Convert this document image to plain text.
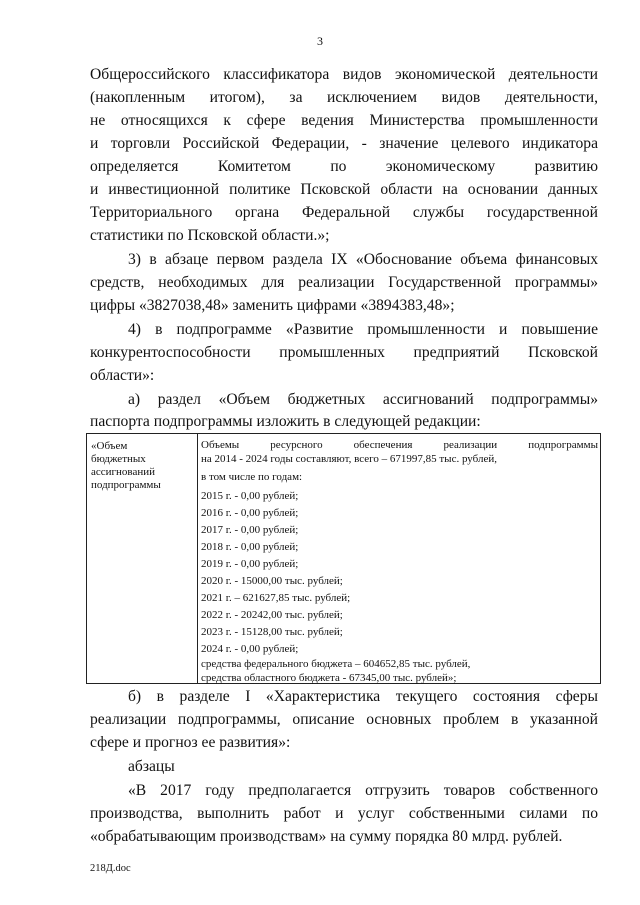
3
Общероссийского классификатора видов экономической деятельности
(накопленным итогом), за исключением видов деятельности,
не относящихся к сфере ведения Министерства промышленности
и торговли Российской Федерации, - значение целевого индикатора
определяется Комитетом по экономическому развитию
и инвестиционной политике Псковской области на основании данных
Территориального органа Федеральной службы государственной
статистики по Псковской области.»;
3) в абзаце первом раздела IX «Обоснование объема финансовых
средств, необходимых для реализации Государственной программы»
цифры «3827038,48» заменить цифрами «3894383,48»;
4) в подпрограмме «Развитие промышленности и повышение
конкурентоспособности промышленных предприятий Псковской
области»:
а) раздел «Объем бюджетных ассигнований подпрограммы»
паспорта подпрограммы изложить в следующей редакции:
«Объем
бюджетных
ассигнований
подпрограммы
Объемы ресурсного обеспечения реализации подпрограммы
на 2014 - 2024 годы составляют, всего – 671997,85 тыс. рублей,
в том числе по годам:
2015 г. - 0,00 рублей;
2016 г. - 0,00 рублей;
2017 г. - 0,00 рублей;
2018 г. - 0,00 рублей;
2019 г. - 0,00 рублей;
2020 г. - 15000,00 тыс. рублей;
2021 г. – 621627,85 тыс. рублей;
2022 г. - 20242,00 тыс. рублей;
2023 г. - 15128,00 тыс. рублей;
2024 г. - 0,00 рублей;
средства федерального бюджета – 604652,85 тыс. рублей,
средства областного бюджета - 67345,00 тыс. рублей»;
б) в разделе I «Характеристика текущего состояния сферы
реализации подпрограммы, описание основных проблем в указанной
сфере и прогноз ее развития»:
абзацы
«В 2017 году предполагается отгрузить товаров собственного
производства, выполнить работ и услуг собственными силами по
«обрабатывающим производствам» на сумму порядка 80 млрд. рублей.
218Д.doc
